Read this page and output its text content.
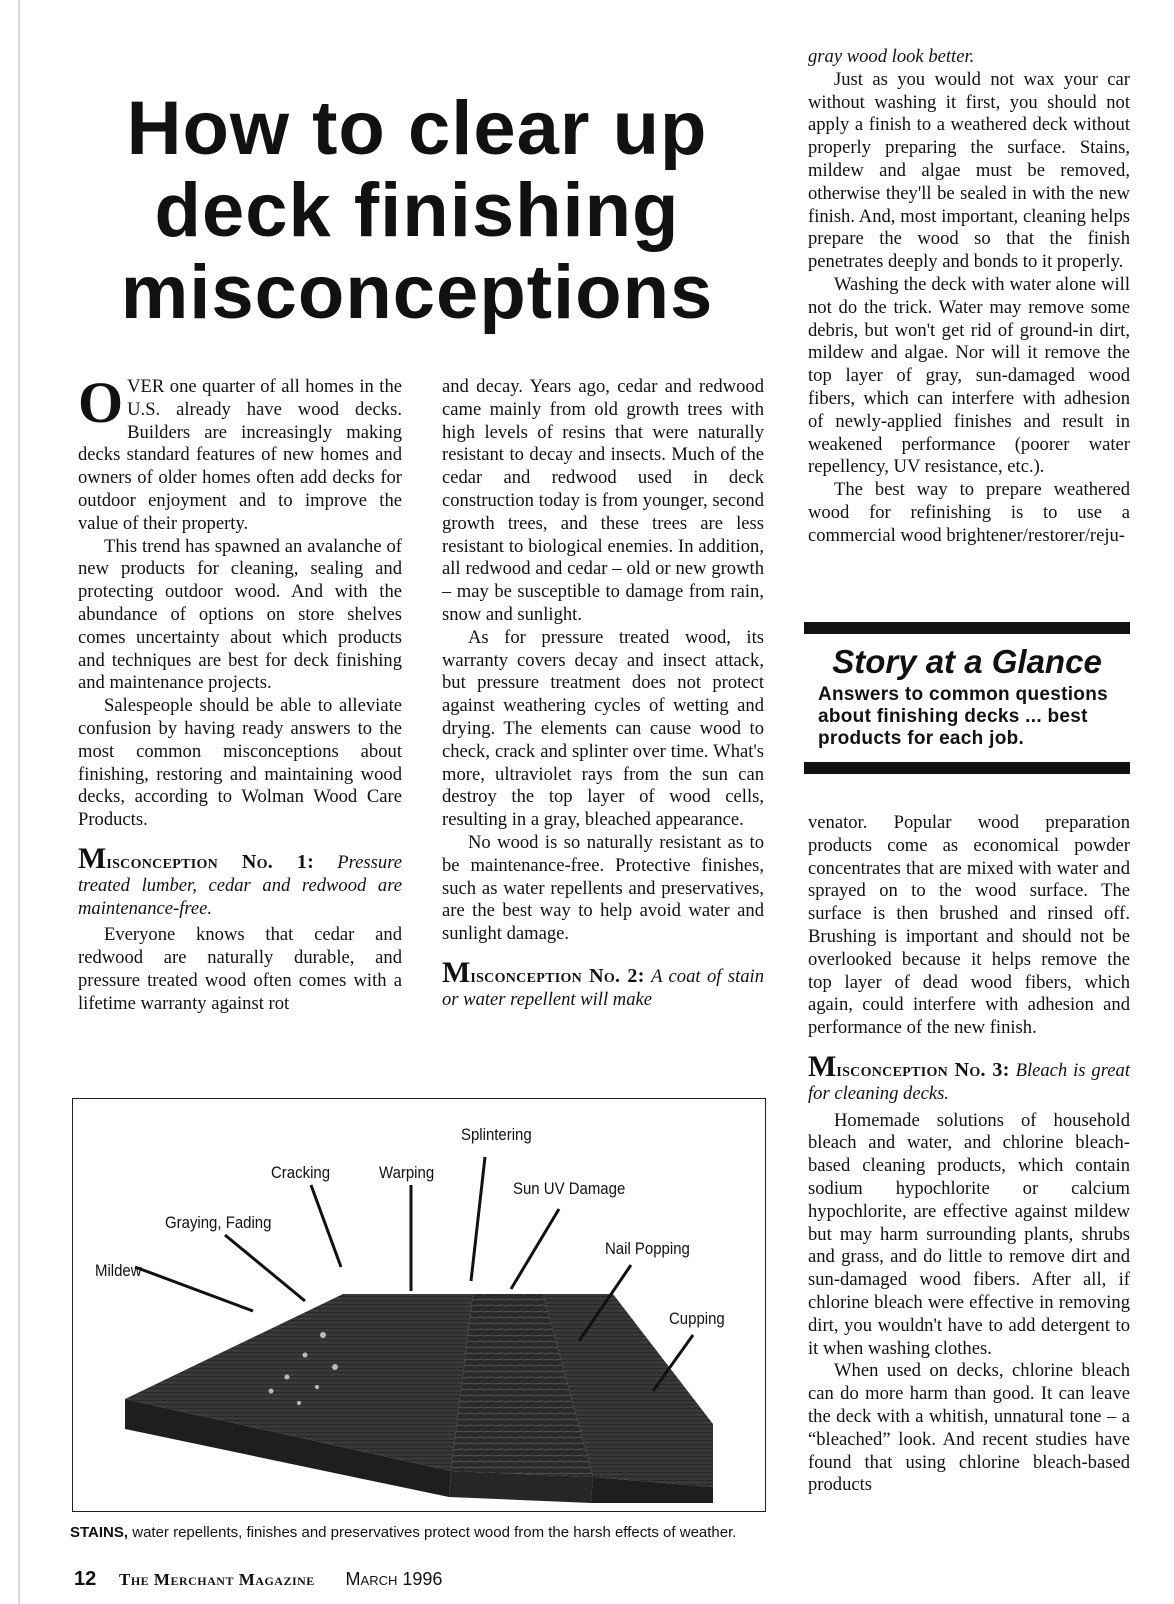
How to clear up
deck finishing
misconceptions

OVER one quarter of all homes in the U.S. already have wood decks. Builders are increasingly making decks standard features of new homes and owners of older homes often add decks for outdoor enjoyment and to improve the value of their property.

This trend has spawned an avalanche of new products for cleaning, sealing and protecting outdoor wood. And with the abundance of options on store shelves comes uncertainty about which products and techniques are best for deck finishing and maintenance projects.

Salespeople should be able to alleviate confusion by having ready answers to the most common misconceptions about finishing, restoring and maintaining wood decks, according to Wolman Wood Care Products.

Misconception No. 1: Pressure treated lumber, cedar and redwood are maintenance-free.

Everyone knows that cedar and redwood are naturally durable, and pressure treated wood often comes with a lifetime warranty against rot

and decay. Years ago, cedar and redwood came mainly from old growth trees with high levels of resins that were naturally resistant to decay and insects. Much of the cedar and redwood used in deck construction today is from younger, second growth trees, and these trees are less resistant to biological enemies. In addition, all redwood and cedar – old or new growth – may be susceptible to damage from rain, snow and sunlight.

As for pressure treated wood, its warranty covers decay and insect attack, but pressure treatment does not protect against weathering cycles of wetting and drying. The elements can cause wood to check, crack and splinter over time. What's more, ultraviolet rays from the sun can destroy the top layer of wood cells, resulting in a gray, bleached appearance.

No wood is so naturally resistant as to be maintenance-free. Protective finishes, such as water repellents and preservatives, are the best way to help avoid water and sunlight damage.

Misconception No. 2: A coat of stain or water repellent will make

gray wood look better.

Just as you would not wax your car without washing it first, you should not apply a finish to a weathered deck without properly preparing the surface. Stains, mildew and algae must be removed, otherwise they'll be sealed in with the new finish. And, most important, cleaning helps prepare the wood so that the finish penetrates deeply and bonds to it properly.

Washing the deck with water alone will not do the trick. Water may remove some debris, but won't get rid of ground-in dirt, mildew and algae. Nor will it remove the top layer of gray, sun-damaged wood fibers, which can interfere with adhesion of newly-applied finishes and result in weakened performance (poorer water repellency, UV resistance, etc.).

The best way to prepare weathered wood for refinishing is to use a commercial wood brightener/restorer/reju-

Story at a Glance
Answers to common questions about finishing decks ... best products for each job.

venator. Popular wood preparation products come as economical powder concentrates that are mixed with water and sprayed on to the wood surface. The surface is then brushed and rinsed off. Brushing is important and should not be overlooked because it helps remove the top layer of dead wood fibers, which again, could interfere with adhesion and performance of the new finish.

Misconception No. 3: Bleach is great for cleaning decks.

Homemade solutions of household bleach and water, and chlorine bleach-based cleaning products, which contain sodium hypochlorite or calcium hypochlorite, are effective against mildew but may harm surrounding plants, shrubs and grass, and do little to remove dirt and sun-damaged wood fibers. After all, if chlorine bleach were effective in removing dirt, you wouldn't have to add detergent to it when washing clothes.

When used on decks, chlorine bleach can do more harm than good. It can leave the deck with a whitish, unnatural tone – a “bleached” look. And recent studies have found that using chlorine bleach-based products

Mildew
Graying, Fading
Cracking	Warping
Splintering
Sun UV Damage
Nail Popping
Cupping
STAINS, water repellents, finishes and preservatives protect wood from the harsh effects of weather.
12 The Merchant Magazine March 1996
